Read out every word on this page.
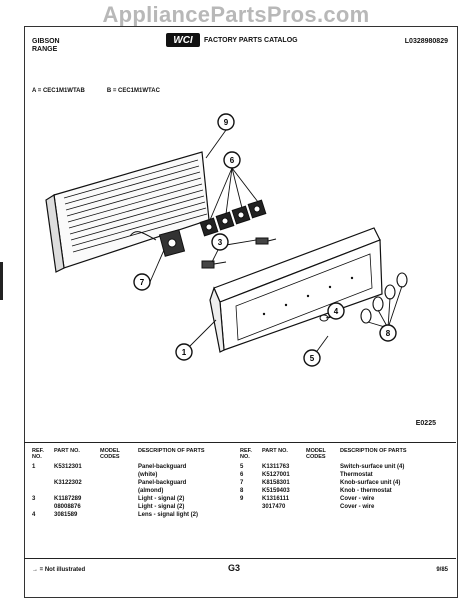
AppliancePartsPros.com
GIBSON
RANGE
WCI	FACTORY PARTS CATALOG	L0328980829
A = CEC1M1WTAB	B = CEC1M1WTAC
9
6
3
7
1
4
8
5
E0225
REF. NO.	PART NO.	MODEL CODES	DESCRIPTION OF PARTS
1	K5312301		Panel-backguard
			(white)
	K3122302		Panel-backguard
			(almond)
3	K1187289		Light - signal (2)
	08008876		Light - signal (2)
4	3081589		Lens - signal light (2)
REF. NO.	PART NO.	MODEL CODES	DESCRIPTION OF PARTS
5	K1311763		Switch-surface unit (4)
6	K5127001		Thermostat
7	K8158301		Knob-surface unit (4)
8	K5159403		Knob - thermostat
9	K1316111		Cover - wire
	3017470		Cover - wire
→ = Not illustrated	G3	9/85
